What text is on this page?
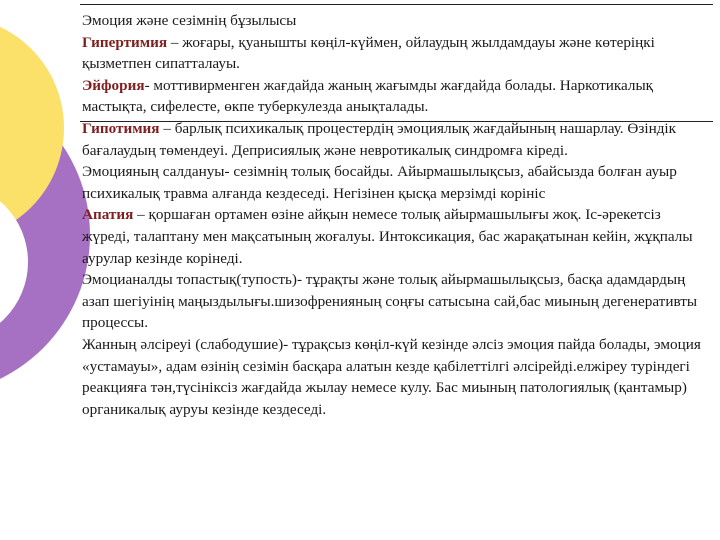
Эмоция және сезімнің бұзылысы

Гипертимия – жоғары, қуанышты көңіл-күймен, ойлаудың жылдамдауы және көтеріңкі қызметпен сипатталауы.

Эйфория- моттивирменген жағдайда жаның жағымды жағдайда болады. Наркотикалық мастықта, сифелесте, өкпе туберкулезда анықталады.

Гипотимия – барлық психикалық процестердің эмоциялық жағдайының нашарлау. Өзіндік бағалаудың төмендеуі. Деприсиялық және невротикалық синдромға кіреді.

Эмоцияның салдануы- сезімнің толық босайды. Айырмашылықсыз, абайсызда болған ауыр психикалық травма алғанда кездеседі. Негізінен қысқа мерзімді корініс

Апатия – қоршаған ортамен өзіне айқын немесе толық айырмашылығы жоқ. Іс-әрекетсіз жүреді, талаптану мен мақсатының жоғалуы. Интоксикация, бас жарақатынан кейін, жұқпалы аурулар кезінде корінеді.

Эмоцианалды топастық(тупость)- тұрақты және толық айырмашылықсыз, басқа адамдардың азап шегіуінің маңыздылығы.шизофренияның соңғы сатысына сай,бас миының дегенеративты процессы.

Жанның әлсіреуі (слабодушие)- тұрақсыз көңіл-күй кезінде әлсіз эмоция пайда болады, эмоция «устамауы», адам өзінің сезімін басқара алатын кезде қабілеттілгі әлсірейді.елжіреу туріндегі реакцияға тән,түсініксіз жағдайда жылау немесе кулу. Бас миының патологиялық (қантамыр) органикалық ауруы кезінде кездеседі.
